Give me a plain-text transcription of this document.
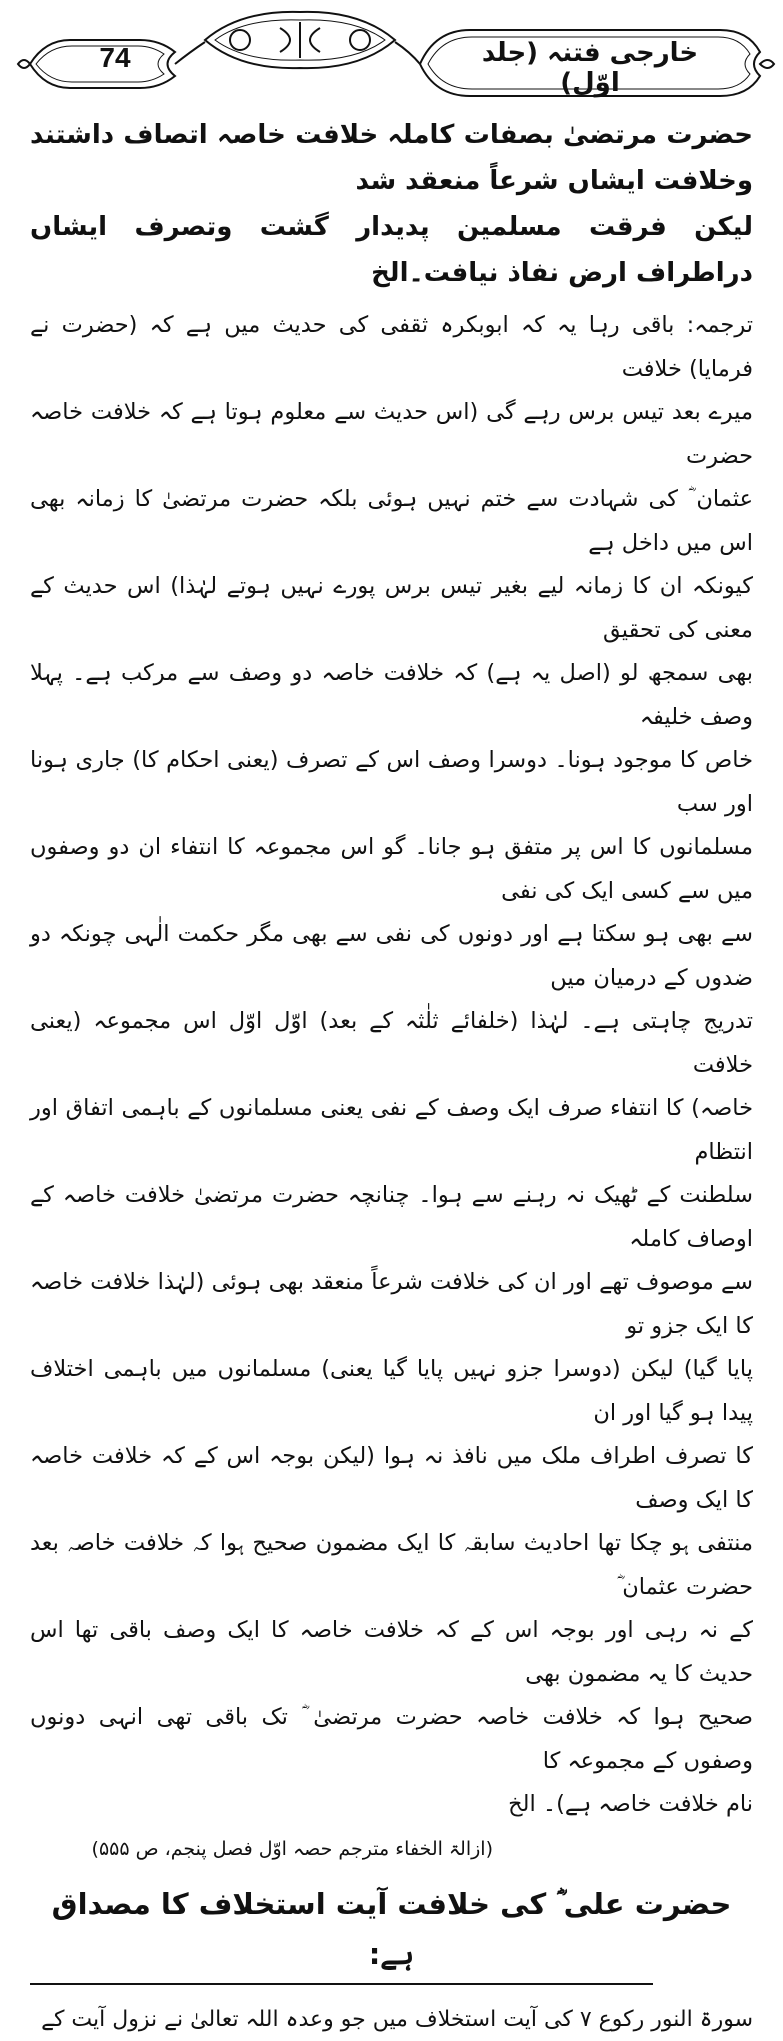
74	خارجی فتنہ (جلد اوّل)

حضرت مرتضیٰ بصفات کاملہ خلافت خاصہ اتصاف داشتند وخلافت ایشاں شرعاً منعقد شد

لیکن فرقت مسلمین پدیدار گشت وتصرف ایشاں دراطراف ارض نفاذ نیافت۔الخ

ترجمہ: باقی رہا یہ کہ ابوبکرہ ثقفی کی حدیث میں ہے کہ (حضرت نے فرمایا) خلافت

میرے بعد تیس برس رہے گی (اس حدیث سے معلوم ہوتا ہے کہ خلافت خاصہ حضرت

عثمان ؓ کی شہادت سے ختم نہیں ہوئی بلکہ حضرت مرتضیٰ کا زمانہ بھی اس میں داخل ہے

کیونکہ ان کا زمانہ لیے بغیر تیس برس پورے نہیں ہوتے لہٰذا) اس حدیث کے معنی کی تحقیق

بھی سمجھ لو (اصل یہ ہے) کہ خلافت خاصہ دو وصف سے مرکب ہے۔ پہلا وصف خلیفہ

خاص کا موجود ہونا۔ دوسرا وصف اس کے تصرف (یعنی احکام کا) جاری ہونا اور سب

مسلمانوں کا اس پر متفق ہو جانا۔ گو اس مجموعہ کا انتفاء ان دو وصفوں میں سے کسی ایک کی نفی

سے بھی ہو سکتا ہے اور دونوں کی نفی سے بھی مگر حکمت الٰہی چونکہ دو ضدوں کے درمیان میں

تدریج چاہتی ہے۔ لہٰذا (خلفائے ثلٰثہ کے بعد) اوّل اوّل اس مجموعہ (یعنی خلافت

خاصہ) کا انتفاء صرف ایک وصف کے نفی یعنی مسلمانوں کے باہمی اتفاق اور انتظام

سلطنت کے ٹھیک نہ رہنے سے ہوا۔ چنانچہ حضرت مرتضیٰ خلافت خاصہ کے اوصاف کاملہ

سے موصوف تھے اور ان کی خلافت شرعاً منعقد بھی ہوئی (لہٰذا خلافت خاصہ کا ایک جزو تو

پایا گیا) لیکن (دوسرا جزو نہیں پایا گیا یعنی) مسلمانوں میں باہمی اختلاف پیدا ہو گیا اور ان

کا تصرف اطراف ملک میں نافذ نہ ہوا (لیکن بوجہ اس کے کہ خلافت خاصہ کا ایک وصف

منتفی ہو چکا تھا احادیث سابقہ کا ایک مضمون صحیح ہوا کہ خلافت خاصہ بعد حضرت عثمان ؓ

کے نہ رہی اور بوجہ اس کے کہ خلافت خاصہ کا ایک وصف باقی تھا اس حدیث کا یہ مضمون بھی

صحیح ہوا کہ خلافت خاصہ حضرت مرتضیٰ ؓ تک باقی تھی انہی دونوں وصفوں کے مجموعہ کا

نام خلافت خاصہ ہے)۔ الخ

(ازالۃ الخفاء مترجم حصہ اوّل فصل پنجم، ص ۵۵۵)
حضرت علی ؓ کی خلافت آیت استخلاف کا مصداق ہے:
سورۃ النور رکوع ۷ کی آیت استخلاف میں جو وعدہ اللہ تعالیٰ نے نزول آیت کے
